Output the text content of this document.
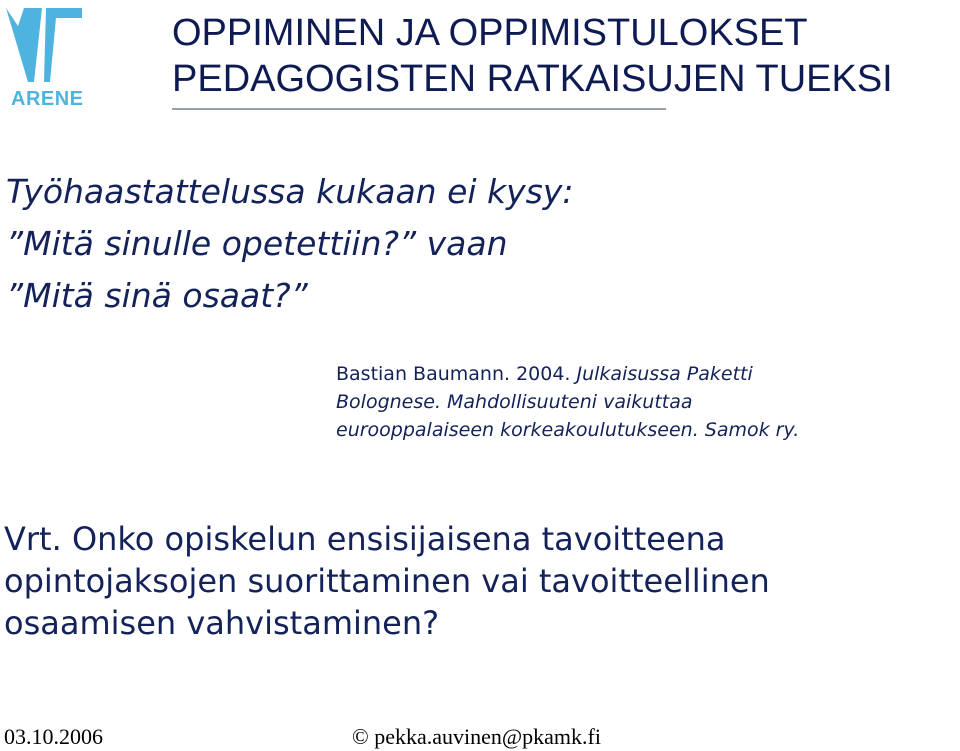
ARENE
OPPIMINEN JA OPPIMISTULOKSET
PEDAGOGISTEN RATKAISUJEN TUEKSI
Työhaastattelussa kukaan ei kysy:
”Mitä sinulle opetettiin?” vaan
”Mitä sinä osaat?”
Bastian Baumann. 2004. Julkaisussa Paketti
Bolognese. Mahdollisuuteni vaikuttaa
eurooppalaiseen korkeakoulutukseen. Samok ry.
Vrt. Onko opiskelun ensisijaisena tavoitteena
opintojaksojen suorittaminen vai tavoitteellinen
osaamisen vahvistaminen?
03.10.2006	© pekka.auvinen@pkamk.fi
